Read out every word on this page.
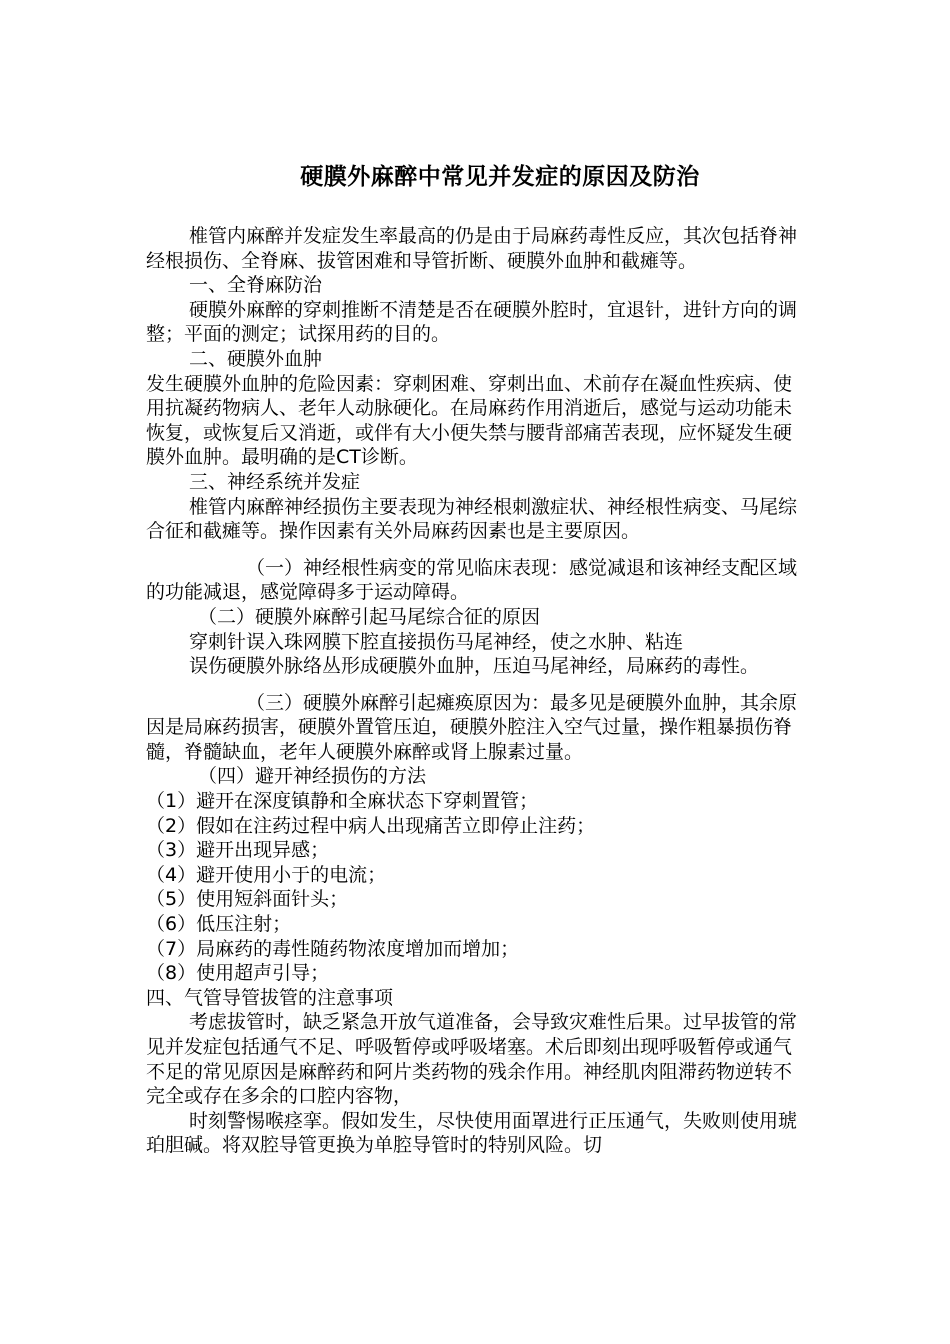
硬膜外麻醉中常见并发症的原因及防治

椎管内麻醉并发症发生率最高的仍是由于局麻药毒性反应，其次包括脊神经根损伤、全脊麻、拔管困难和导管折断、硬膜外血肿和截瘫等。

一、全脊麻防治

硬膜外麻醉的穿刺推断不清楚是否在硬膜外腔时，宜退针，进针方向的调整；平面的测定；试探用药的目的。

二、硬膜外血肿

发生硬膜外血肿的危险因素：穿刺困难、穿刺出血、术前存在凝血性疾病、使用抗凝药物病人、老年人动脉硬化。在局麻药作用消逝后，感觉与运动功能未恢复，或恢复后又消逝，或伴有大小便失禁与腰背部痛苦表现，应怀疑发生硬膜外血肿。最明确的是CT诊断。

三、神经系统并发症

椎管内麻醉神经损伤主要表现为神经根刺激症状、神经根性病变、马尾综合征和截瘫等。操作因素有关外局麻药因素也是主要原因。

（一）神经根性病变的常见临床表现：感觉减退和该神经支配区域的功能减退，感觉障碍多于运动障碍。

（二）硬膜外麻醉引起马尾综合征的原因

穿刺针误入珠网膜下腔直接损伤马尾神经，使之水肿、粘连

误伤硬膜外脉络丛形成硬膜外血肿，压迫马尾神经，局麻药的毒性。

（三）硬膜外麻醉引起瘫痪原因为：最多见是硬膜外血肿，其余原因是局麻药损害，硬膜外置管压迫，硬膜外腔注入空气过量，操作粗暴损伤脊髓，脊髓缺血，老年人硬膜外麻醉或肾上腺素过量。

（四）避开神经损伤的方法

（1）避开在深度镇静和全麻状态下穿刺置管；

（2）假如在注药过程中病人出现痛苦立即停止注药；

（3）避开出现异感；

（4）避开使用小于的电流；

（5）使用短斜面针头；

（6）低压注射；

（7）局麻药的毒性随药物浓度增加而增加；

（8）使用超声引导；

四、气管导管拔管的注意事项

考虑拔管时，缺乏紧急开放气道准备，会导致灾难性后果。过早拔管的常见并发症包括通气不足、呼吸暂停或呼吸堵塞。术后即刻出现呼吸暂停或通气不足的常见原因是麻醉药和阿片类药物的残余作用。神经肌肉阻滞药物逆转不完全或存在多余的口腔内容物，

时刻警惕喉痉挛。假如发生，尽快使用面罩进行正压通气，失败则使用琥珀胆碱。将双腔导管更换为单腔导管时的特别风险。切
